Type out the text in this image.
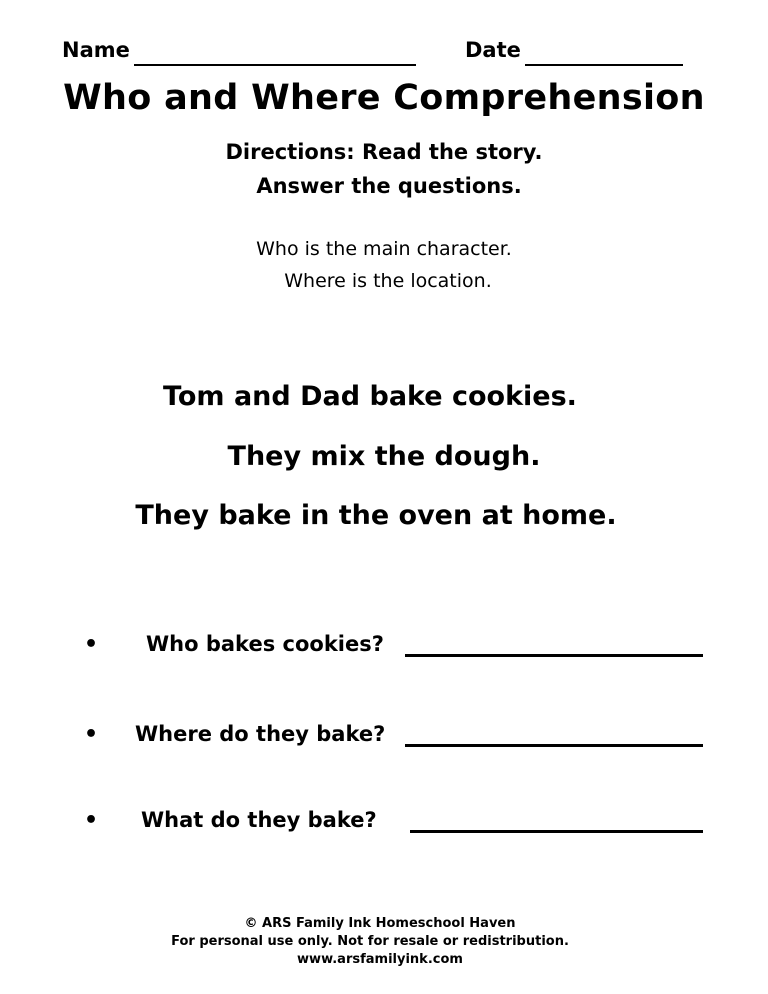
Name	Date
Who and Where Comprehension
Directions: Read the story.
Answer the questions.
Who is the main character.
Where is the location.
Tom and Dad bake cookies.
They mix the dough.
They bake in the oven at home.
• Who bakes cookies?
• Where do they bake?
• What do they bake?
© ARS Family Ink Homeschool Haven
For personal use only. Not for resale or redistribution.
www.arsfamilyink.com
